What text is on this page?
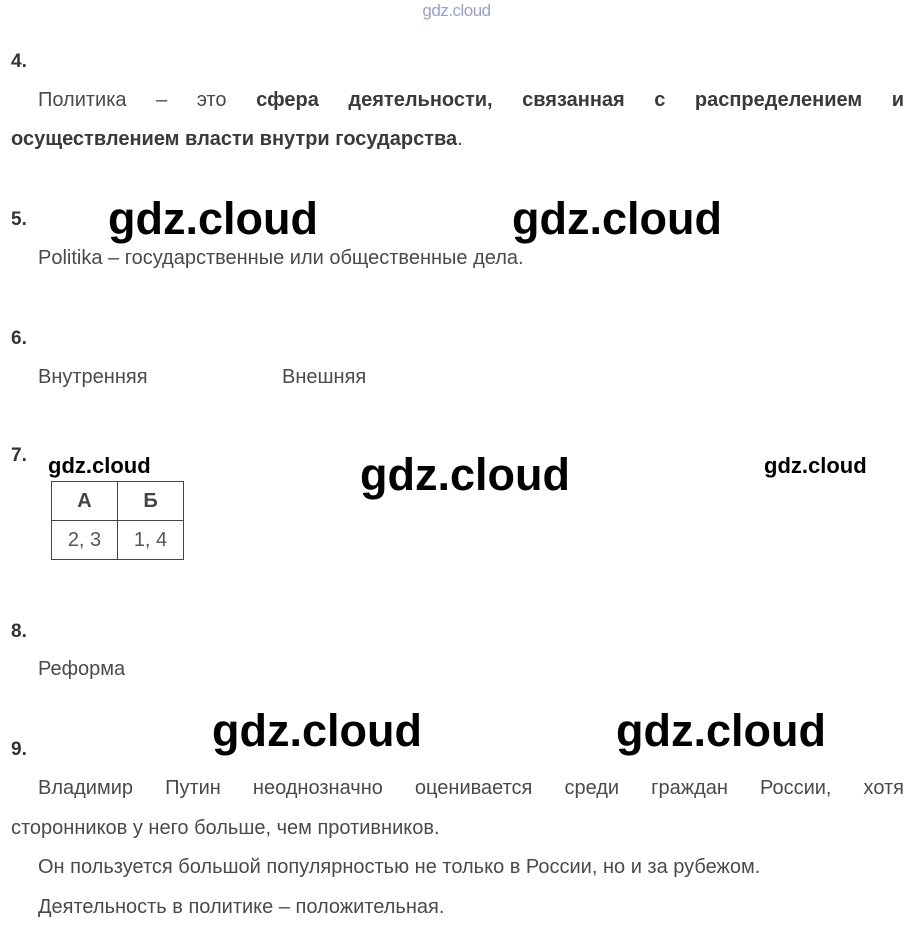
gdz.cloud
4.
Политика – это сфера деятельности, связанная с распределением и
осуществлением власти внутри государства.
5. gdz.cloud	gdz.cloud
Politika – государственные или общественные дела.
6.
Внутренняя	Внешняя
7. gdz.cloud	gdz.cloud	gdz.cloud
А	Б
2, 3	1, 4
8.
Реформа
gdz.cloud	gdz.cloud
9.
Владимир Путин неоднозначно оценивается среди граждан России, хотя
сторонников у него больше, чем противников.
Он пользуется большой популярностью не только в России, но и за рубежом.
Деятельность в политике – положительная.
